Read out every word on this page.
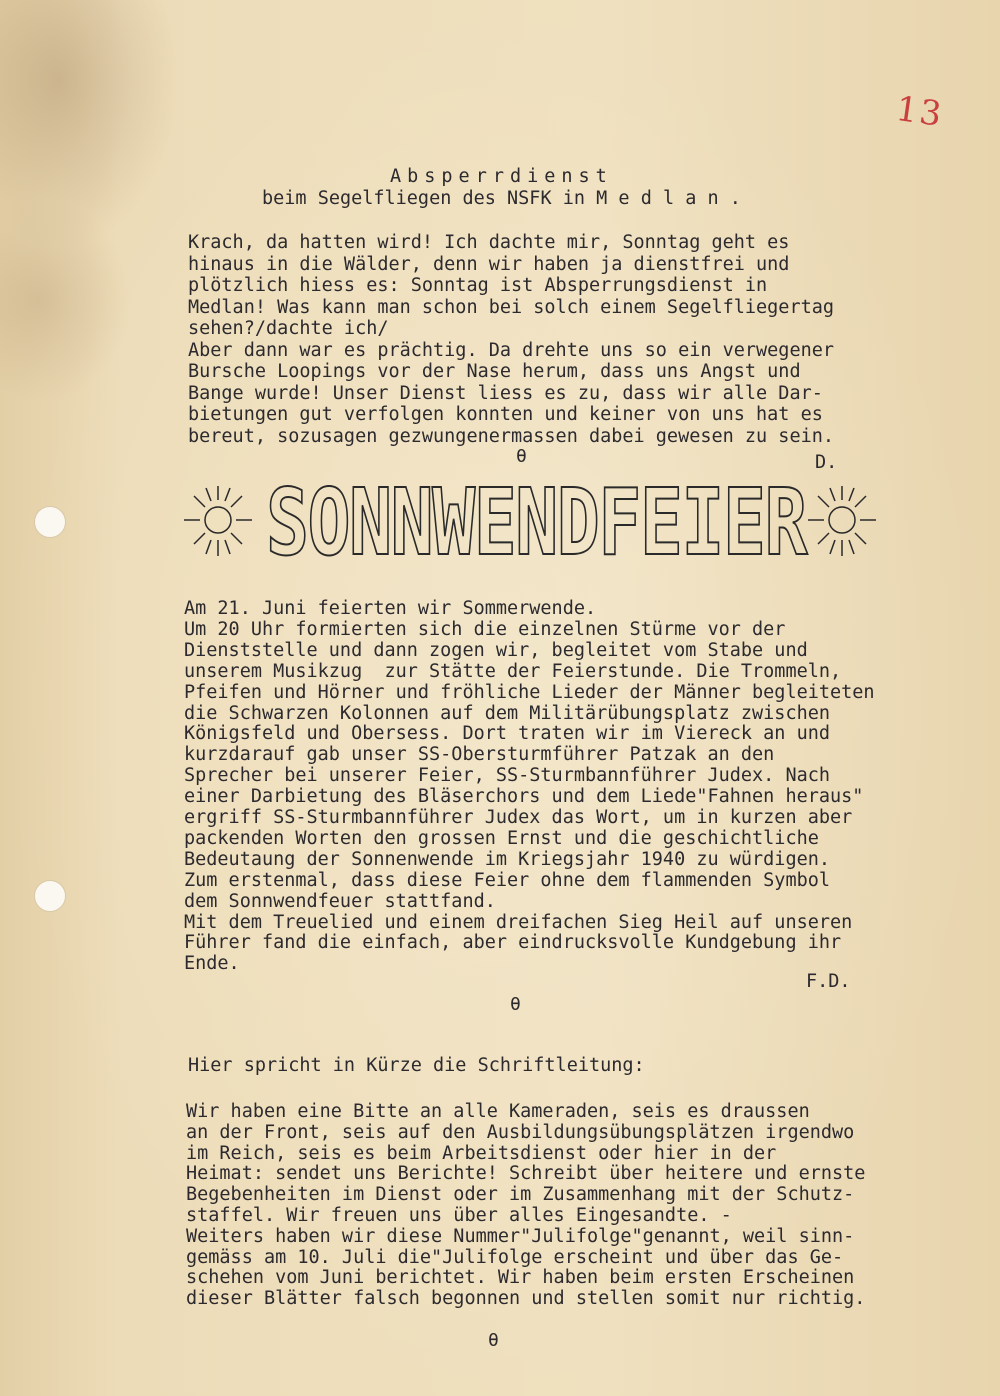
13
Absperrdienst
beim Segelfliegen des NSFK in M e d l a n .
Krach, da hatten wird! Ich dachte mir, Sonntag geht es
hinaus in die Wälder, denn wir haben ja dienstfrei und
plötzlich hiess es: Sonntag ist Absperrungsdienst in
Medlan! Was kann man schon bei solch einem Segelfliegertag
sehen?/dachte ich/
Aber dann war es prächtig. Da drehte uns so ein verwegener
Bursche Loopings vor der Nase herum, dass uns Angst und
Bange wurde! Unser Dienst liess es zu, dass wir alle Dar-
bietungen gut verfolgen konnten und keiner von uns hat es
bereut, sozusagen gezwungenermassen dabei gewesen zu sein.
D.
θ
SONNWENDFEIER
Am 21. Juni feierten wir Sommerwende.
Um 20 Uhr formierten sich die einzelnen Stürme vor der
Dienststelle und dann zogen wir, begleitet vom Stabe und
unserem Musikzug  zur Stätte der Feierstunde. Die Trommeln,
Pfeifen und Hörner und fröhliche Lieder der Männer begleiteten
die Schwarzen Kolonnen auf dem Militärübungsplatz zwischen
Königsfeld und Obersess. Dort traten wir im Viereck an und
kurzdarauf gab unser SS-Obersturmführer Patzak an den
Sprecher bei unserer Feier, SS-Sturmbannführer Judex. Nach
einer Darbietung des Bläserchors und dem Liede"Fahnen heraus"
ergriff SS-Sturmbannführer Judex das Wort, um in kurzen aber
packenden Worten den grossen Ernst und die geschichtliche
Bedeutaung der Sonnenwende im Kriegsjahr 1940 zu würdigen.
Zum erstenmal, dass diese Feier ohne dem flammenden Symbol
dem Sonnwendfeuer stattfand.
Mit dem Treuelied und einem dreifachen Sieg Heil auf unseren
Führer fand die einfach, aber eindrucksvolle Kundgebung ihr
Ende.
F.D.
θ
Hier spricht in Kürze die Schriftleitung:
Wir haben eine Bitte an alle Kameraden, seis es draussen
an der Front, seis auf den Ausbildungsübungsplätzen irgendwo
im Reich, seis es beim Arbeitsdienst oder hier in der
Heimat: sendet uns Berichte! Schreibt über heitere und ernste
Begebenheiten im Dienst oder im Zusammenhang mit der Schutz-
staffel. Wir freuen uns über alles Eingesandte. -
Weiters haben wir diese Nummer"Julifolge"genannt, weil sinn-
gemäss am 10. Juli die"Julifolge erscheint und über das Ge-
schehen vom Juni berichtet. Wir haben beim ersten Erscheinen
dieser Blätter falsch begonnen und stellen somit nur richtig.
θ
